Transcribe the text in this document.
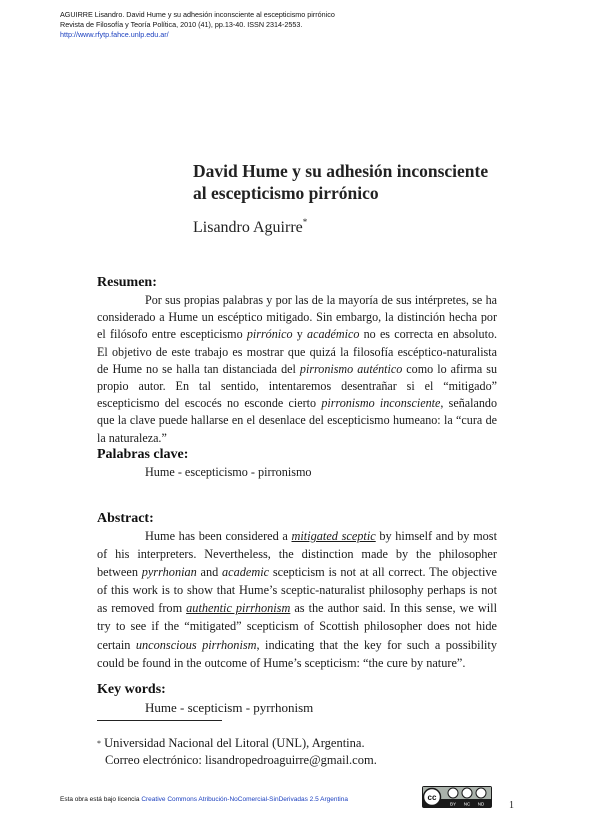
AGUIRRE Lisandro. David Hume y su adhesión inconsciente al escepticismo pirrónico
Revista de Filosofía y Teoría Política, 2010 (41), pp.13-40. ISSN 2314-2553.
http://www.rfytp.fahce.unlp.edu.ar/
David Hume y su adhesión inconsciente
al escepticismo pirrónico
Lisandro Aguirre*
Resumen:
Por sus propias palabras y por las de la mayoría de sus intérpretes, se ha considerado a Hume un escéptico mitigado. Sin embargo, la distinción hecha por el filósofo entre escepticismo pirrónico y académico no es correcta en absoluto. El objetivo de este trabajo es mostrar que quizá la filosofía escéptico-naturalista de Hume no se halla tan distanciada del pirronismo auténtico como lo afirma su propio autor. En tal sentido, intentaremos desentrañar si el “mitigado” escepticismo del escocés no esconde cierto pirronismo inconsciente, señalando que la clave puede hallarse en el desenlace del escepticismo humeano: la “cura de la naturaleza.”
Palabras clave:
Hume - escepticismo - pirronismo
Abstract:
Hume has been considered a mitigated sceptic by himself and by most of his interpreters. Nevertheless, the distinction made by the philosopher between pyrrhonian and academic scepticism is not at all correct. The objective of this work is to show that Hume’s sceptic-naturalist philosophy perhaps is not as removed from authentic pirrhonism as the author said. In this sense, we will try to see if the “mitigated” scepticism of Scottish philosopher does not hide certain unconscious pirrhonism, indicating that the key for such a possibility could be found in the outcome of Hume’s scepticism: “the cure by nature”.
Key words:
Hume - scepticism - pyrrhonism
* Universidad Nacional del Litoral (UNL), Argentina.
Correo electrónico: lisandropedroaguirre@gmail.com.
Esta obra está bajo licencia Creative Commons Atribución-NoComercial-SinDerivadas 2.5 Argentina	cc
BY NC ND 1
